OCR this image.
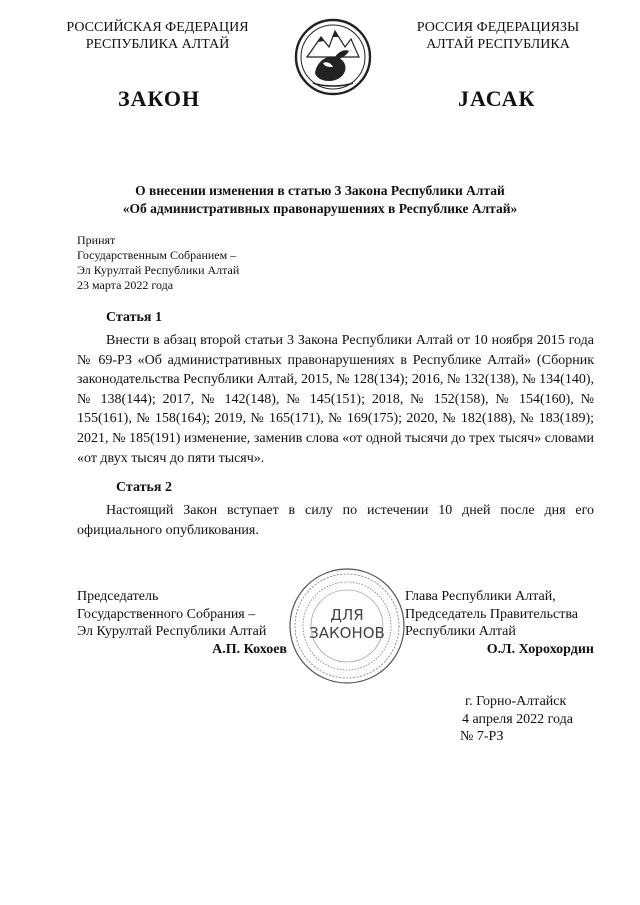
РОССИЙСКАЯ ФЕДЕРАЦИЯ
РЕСПУБЛИКА АЛТАЙ
РОССИЯ ФЕДЕРАЦИЯЗЫ
АЛТАЙ РЕСПУБЛИКА
ЗАКОН	JАСАК
О внесении изменения в статью 3 Закона Республики Алтай
«Об административных правонарушениях в Республике Алтай»
Принят
Государственным Собранием –
Эл Курултай Республики Алтай
23 марта 2022 года
Статья 1
Внести в абзац второй статьи 3 Закона Республики Алтай от 10 ноября 2015 года № 69-РЗ «Об административных правонарушениях в Республике Алтай» (Сборник законодательства Республики Алтай, 2015, № 128(134); 2016, № 132(138), № 134(140), № 138(144); 2017, № 142(148), № 145(151); 2018, № 152(158), № 154(160), № 155(161), № 158(164); 2019, № 165(171), № 169(175); 2020, № 182(188), № 183(189); 2021, № 185(191) изменение, заменив слова «от одной тысячи до трех тысяч» словами «от двух тысяч до пяти тысяч».
Статья 2
Настоящий Закон вступает в силу по истечении 10 дней после дня его официального опубликования.
Председатель
Государственного Собрания –
Эл Курултай Республики Алтай
А.П. Кохоев
ДЛЯ
ЗАКОНОВ
Глава Республики Алтай,
Председатель Правительства
Республики Алтай
О.Л. Хорохордин
г. Горно-Алтайск
4 апреля 2022 года
№ 7-РЗ
